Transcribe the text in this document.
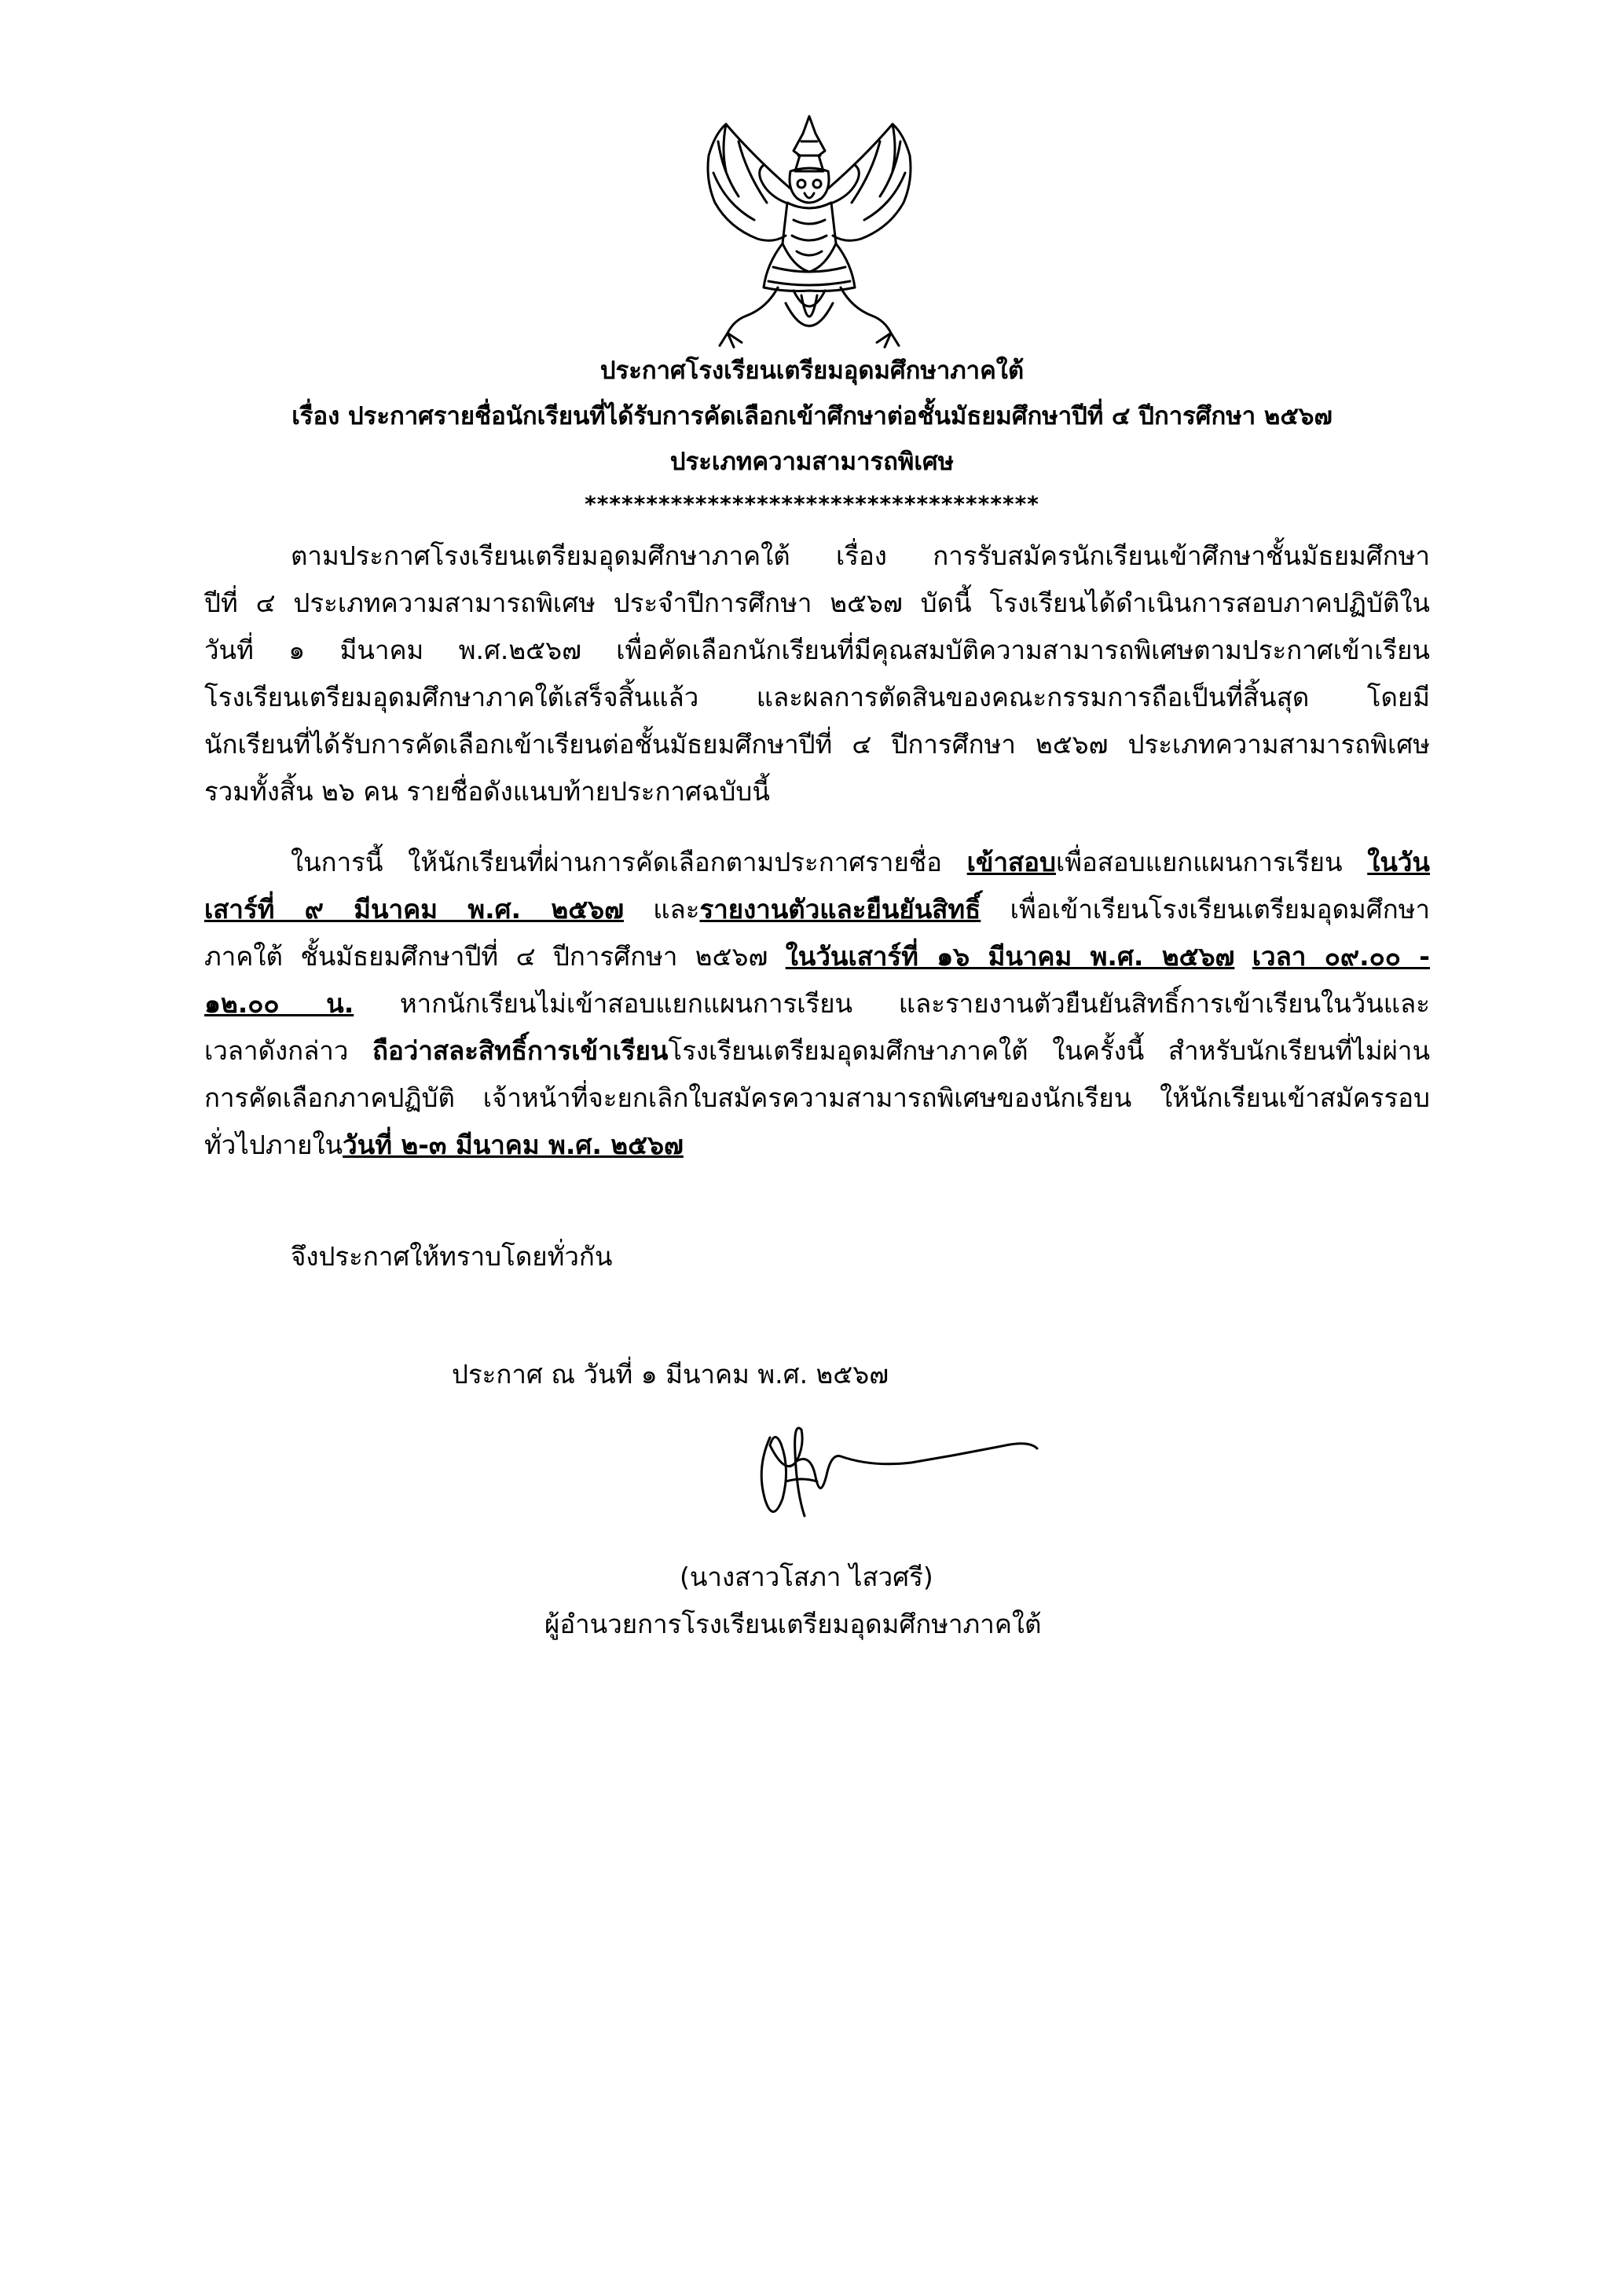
ประกาศโรงเรียนเตรียมอุดมศึกษาภาคใต้
เรื่อง ประกาศรายชื่อนักเรียนที่ได้รับการคัดเลือกเข้าศึกษาต่อชั้นมัธยมศึกษาปีที่ ๔ ปีการศึกษา ๒๕๖๗
ประเภทความสามารถพิเศษ
*************************************
ตามประกาศโรงเรียนเตรียมอุดมศึกษาภาคใต้ เรื่อง การรับสมัครนักเรียนเข้าศึกษาชั้นมัธยมศึกษา
ปีที่ ๔ ประเภทความสามารถพิเศษ ประจำปีการศึกษา ๒๕๖๗ บัดนี้ โรงเรียนได้ดำเนินการสอบภาคปฏิบัติใน
วันที่ ๑ มีนาคม พ.ศ.๒๕๖๗ เพื่อคัดเลือกนักเรียนที่มีคุณสมบัติความสามารถพิเศษตามประกาศเข้าเรียน
โรงเรียนเตรียมอุดมศึกษาภาคใต้เสร็จสิ้นแล้ว และผลการตัดสินของคณะกรรมการถือเป็นที่สิ้นสุด โดยมี
นักเรียนที่ได้รับการคัดเลือกเข้าเรียนต่อชั้นมัธยมศึกษาปีที่ ๔ ปีการศึกษา ๒๕๖๗ ประเภทความสามารถพิเศษ
รวมทั้งสิ้น ๒๖ คน รายชื่อดังแนบท้ายประกาศฉบับนี้
ในการนี้ ให้นักเรียนที่ผ่านการคัดเลือกตามประกาศรายชื่อ เข้าสอบเพื่อสอบแยกแผนการเรียน ในวัน
เสาร์ที่ ๙ มีนาคม พ.ศ. ๒๕๖๗ และรายงานตัวและยืนยันสิทธิ์ เพื่อเข้าเรียนโรงเรียนเตรียมอุดมศึกษา
ภาคใต้ ชั้นมัธยมศึกษาปีที่ ๔ ปีการศึกษา ๒๕๖๗ ในวันเสาร์ที่ ๑๖ มีนาคม พ.ศ. ๒๕๖๗ เวลา ๐๙.๐๐ -
๑๒.๐๐ น. หากนักเรียนไม่เข้าสอบแยกแผนการเรียน และรายงานตัวยืนยันสิทธิ์การเข้าเรียนในวันและ
เวลาดังกล่าว ถือว่าสละสิทธิ์การเข้าเรียนโรงเรียนเตรียมอุดมศึกษาภาคใต้ ในครั้งนี้ สำหรับนักเรียนที่ไม่ผ่าน
การคัดเลือกภาคปฏิบัติ เจ้าหน้าที่จะยกเลิกใบสมัครความสามารถพิเศษของนักเรียน ให้นักเรียนเข้าสมัครรอบ
ทั่วไปภายในวันที่ ๒-๓ มีนาคม พ.ศ. ๒๕๖๗
จึงประกาศให้ทราบโดยทั่วกัน
ประกาศ ณ วันที่ ๑ มีนาคม พ.ศ. ๒๕๖๗
(นางสาวโสภา ไสวศรี)
ผู้อำนวยการโรงเรียนเตรียมอุดมศึกษาภาคใต้
